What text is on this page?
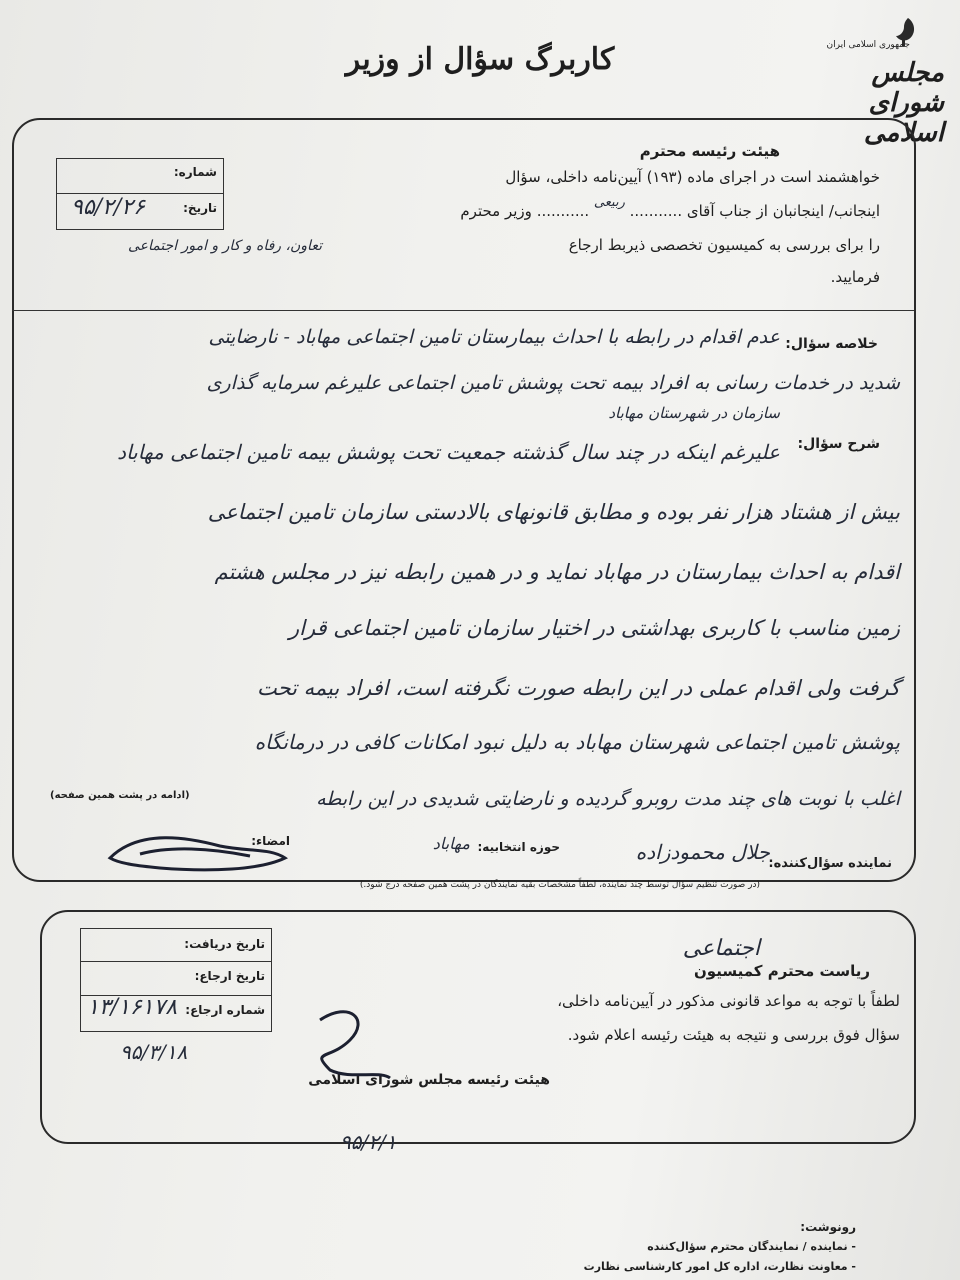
کاربرگ سؤال از وزیر	جمهوری اسلامی ایران
مجلس شورای اسلامی
شماره:
تاریخ:
۹۵/۲/۲۶
هیئت رئیسه محترم
خواهشمند است در اجرای ماده (۱۹۳) آیین‌نامه داخلی، سؤال
اینجانب/ اینجانبان از جناب آقای ........... ربیعی ........... وزیر محترم
را برای بررسی به کمیسیون تخصصی ذیربط ارجاع
تعاون، رفاه و کار و امور اجتماعی
فرمایید.
خلاصه سؤال:
عدم اقدام در رابطه با احداث بیمارستان تامین اجتماعی مهاباد - نارضایتی
شدید در خدمات رسانی به افراد بیمه تحت پوشش تامین اجتماعی علیرغم سرمایه گذاری
سازمان در شهرستان مهاباد
شرح سؤال:
علیرغم اینکه در چند سال گذشته جمعیت تحت پوشش بیمه تامین اجتماعی مهاباد
بیش از هشتاد هزار نفر بوده و مطابق قانونهای بالادستی سازمان تامین اجتماعی
اقدام به احداث بیمارستان در مهاباد نماید و در همین رابطه نیز در مجلس هشتم
زمین مناسب با کاربری بهداشتی در اختیار سازمان تامین اجتماعی قرار
گرفت ولی اقدام عملی در این رابطه صورت نگرفته است، افراد بیمه تحت
پوشش تامین اجتماعی شهرستان مهاباد به دلیل نبود امکانات کافی در درمانگاه
اغلب با نوبت های چند مدت روبرو گردیده و نارضایتی شدیدی در این رابطه
(ادامه در پشت همین صفحه)
نماینده سؤال‌کننده:
جلال محمودزاده
حوزه انتخابیه:
مهاباد
امضاء:
(در صورت تنظیم سؤال توسط چند نماینده، لطفاً مشخصات بقیه نمایندگان در پشت همین صفحه درج شود.)
تاریخ دریافت:
تاریخ ارجاع:
شماره ارجاع:
۱۳/۱۶۱۷۸
۹۵/۳/۱۸
ریاست محترم کمیسیون
اجتماعی
لطفاً با توجه به مواعد قانونی مذکور در آیین‌نامه داخلی،
سؤال فوق بررسی و نتیجه به هیئت رئیسه اعلام شود.
هیئت رئیسه مجلس شورای اسلامی
۹۵/۲/۱
رونوشت:
- نماینده / نمایندگان محترم سؤال‌کننده
- معاونت نظارت، اداره کل امور کارشناسی نظارت
